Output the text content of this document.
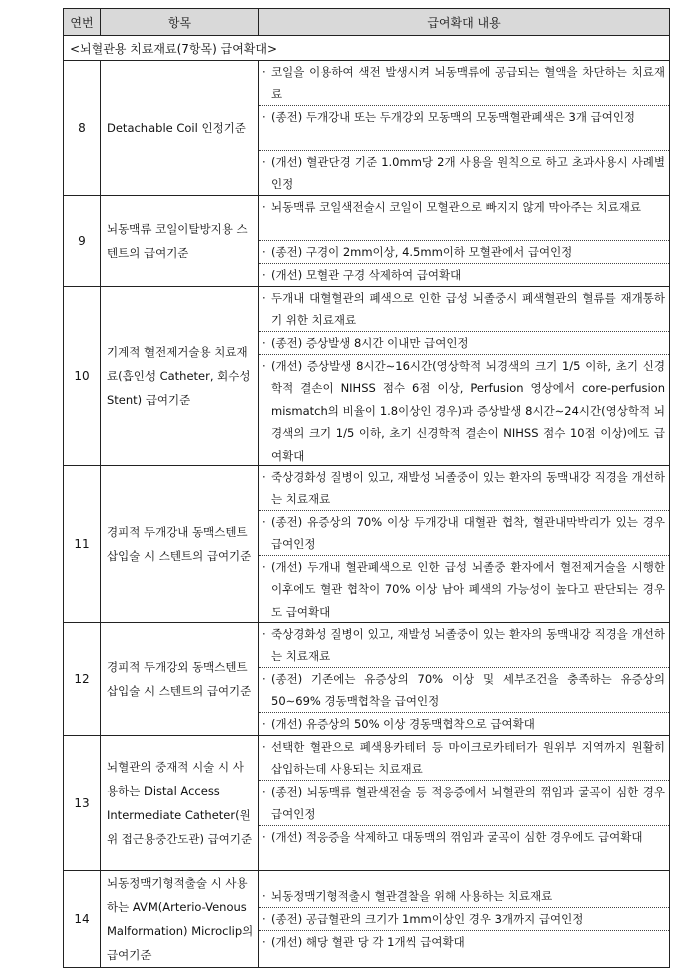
연번	항목	급여확대 내용
<뇌혈관용 치료재료(7항목) 급여확대>		
8	Detachable Coil 인정기준	· 코일을 이용하여 색전 발생시켜 뇌동맥류에 공급되는 혈액을 차단하는 치료재료
· (종전) 두개강내 또는 두개강외 모동맥의 모동맥혈관폐색은 3개 급여인정
· (개선) 혈관단경 기준 1.0mm당 2개 사용을 원칙으로 하고 초과사용시 사례별 인정

9	뇌동맥류 코일이탈방지용 스텐트의 급여기준	· 뇌동맥류 코일색전술시 코일이 모혈관으로 빠지지 않게 막아주는 치료재료
· (종전) 구경이 2mm이상, 4.5mm이하 모혈관에서 급여인정
· (개선) 모혈관 구경 삭제하여 급여확대

10	기계적 혈전제거술용 치료재료(흡인성 Catheter, 회수성 Stent) 급여기준	· 두개내 대혈혈관의 폐색으로 인한 급성 뇌졸중시 폐색혈관의 혈류를 재개통하기 위한 치료재료
· (종전) 증상발생 8시간 이내만 급여인정
· (개선) 증상발생 8시간∼16시간(영상학적 뇌경색의 크기 1/5 이하, 초기 신경학적 결손이 NIHSS 점수 6점 이상, Perfusion 영상에서 core-perfusion mismatch의 비율이 1.8이상인 경우)과 증상발생 8시간∼24시간(영상학적 뇌경색의 크기 1/5 이하, 초기 신경학적 결손이 NIHSS 점수 10점 이상)에도 급여확대

11	경피적 두개강내 동맥스텐트 삽입술 시 스텐트의 급여기준	· 죽상경화성 질병이 있고, 재발성 뇌졸중이 있는 환자의 동맥내강 직경을 개선하는 치료재료
· (종전) 유증상의 70% 이상 두개강내 대혈관 협착, 혈관내막박리가 있는 경우 급여인정
· (개선) 두개내 혈관폐색으로 인한 급성 뇌졸중 환자에서 혈전제거술을 시행한 이후에도 혈관 협착이 70% 이상 남아 폐색의 가능성이 높다고 판단되는 경우도 급여확대

12	경피적 두개강외 동맥스텐트 삽입술 시 스텐트의 급여기준	· 죽상경화성 질병이 있고, 재발성 뇌졸중이 있는 환자의 동맥내강 직경을 개선하는 치료재료
· (종전) 기존에는 유증상의 70% 이상 및 세부조건을 충족하는 유증상의 50∼69% 경동맥협착을 급여인정
· (개선) 유증상의 50% 이상 경동맥협착으로 급여확대

13	뇌혈관의 중재적 시술 시 사용하는 Distal Access Intermediate Catheter(원위 접근용중간도관) 급여기준	· 선택한 혈관으로 폐색용카테터 등 마이크로카테터가 원위부 지역까지 원활히 삽입하는데 사용되는 치료재료
· (종전) 뇌동맥류 혈관색전술 등 적응증에서 뇌혈관의 꺾임과 굴곡이 심한 경우 급여인정
· (개선) 적응증을 삭제하고 대동맥의 꺾임과 굴곡이 심한 경우에도 급여확대

14	뇌동정맥기형적출술 시 사용하는 AVM(Arterio-Venous Malformation) Microclip의 급여기준	· 뇌동정맥기형적출시 혈관결찰을 위해 사용하는 치료재료
· (종전) 공급혈관의 크기가 1mm이상인 경우 3개까지 급여인정
· (개선) 해당 혈관 당 각 1개씩 급여확대
